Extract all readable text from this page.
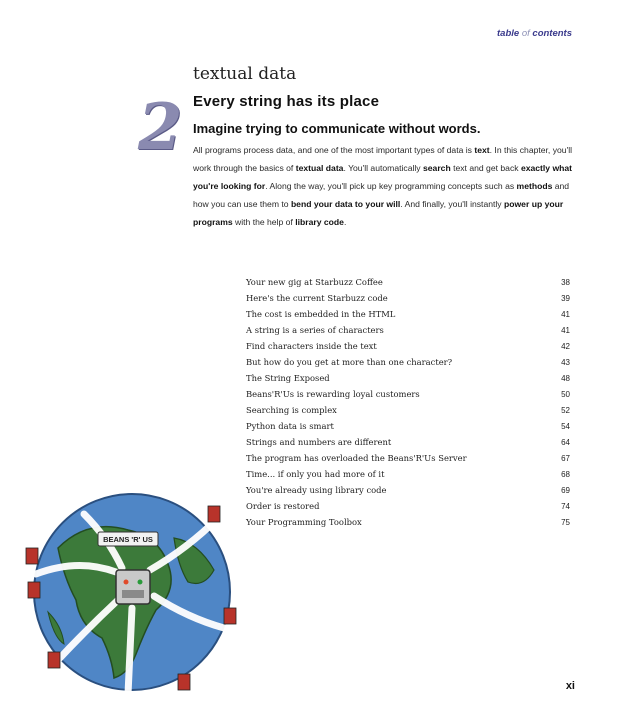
table of contents
2
textual data
Every string has its place
Imagine trying to communicate without words.
All programs process data, and one of the most important types of data is text. In this chapter, you'll work through the basics of textual data. You'll automatically search text and get back exactly what you're looking for. Along the way, you'll pick up key programming concepts such as methods and how you can use them to bend your data to your will. And finally, you'll instantly power up your programs with the help of library code.
Your new gig at Starbuzz Coffee	38
Here's the current Starbuzz code	39
The cost is embedded in the HTML	41
A string is a series of characters	41
Find characters inside the text	42
But how do you get at more than one character?	43
The String Exposed	48
Beans'R'Us is rewarding loyal customers	50
Searching is complex	52
Python data is smart	54
Strings and numbers are different	64
The program has overloaded the Beans'R'Us Server	67
Time... if only you had more of it	68
You're already using library code	69
Order is restored	74
Your Programming Toolbox	75
BEANS 'R' US
xi
